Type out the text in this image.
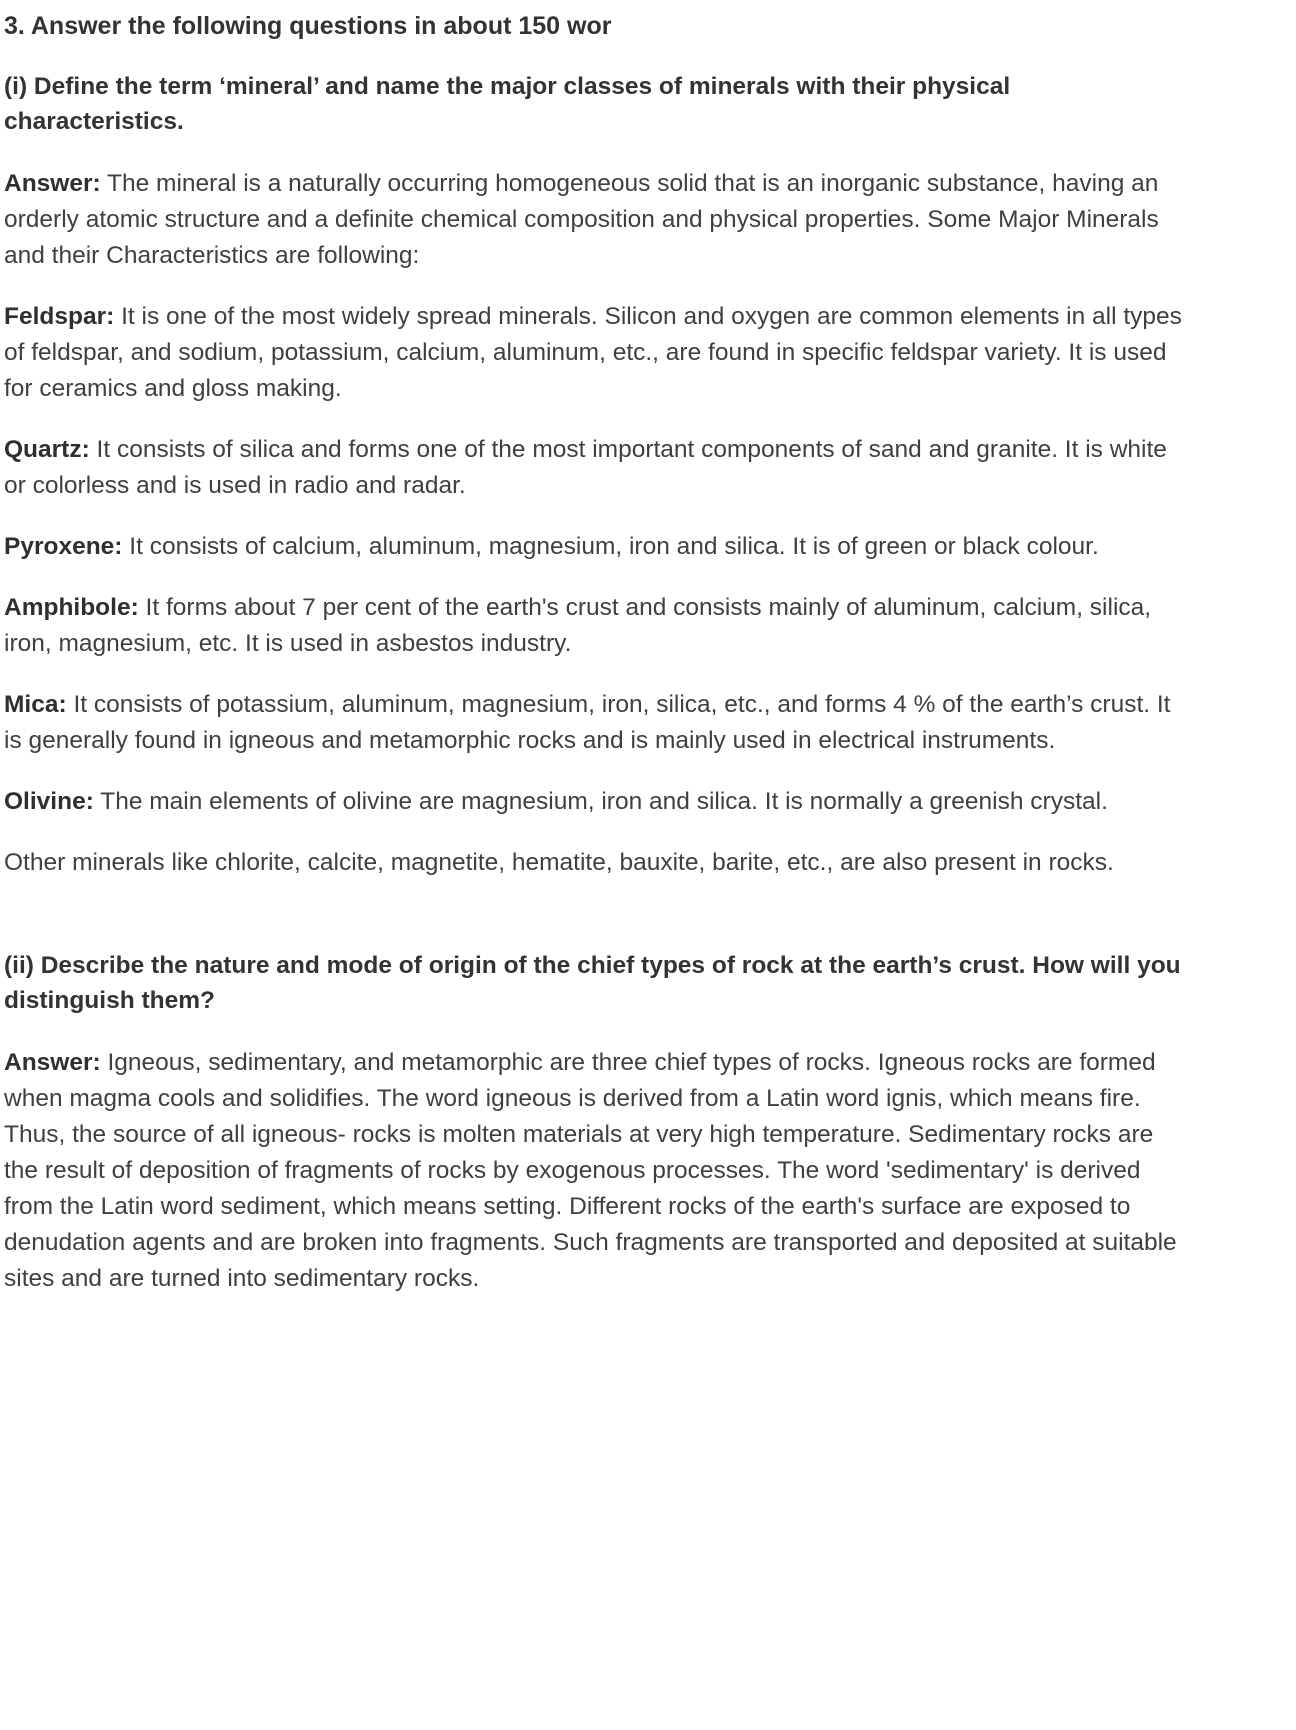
3. Answer the following questions in about 150 wor
(i) Define the term ‘mineral’ and name the major classes of minerals with their physical characteristics.

Answer: The mineral is a naturally occurring homogeneous solid that is an inorganic substance, having an orderly atomic structure and a definite chemical composition and physical properties. Some Major Minerals and their Characteristics are following:

Feldspar: It is one of the most widely spread minerals. Silicon and oxygen are common elements in all types of feldspar, and sodium, potassium, calcium, aluminum, etc., are found in specific feldspar variety. It is used for ceramics and gloss making.

Quartz: It consists of silica and forms one of the most important components of sand and granite. It is white or colorless and is used in radio and radar.

Pyroxene: It consists of calcium, aluminum, magnesium, iron and silica. It is of green or black colour.

Amphibole: It forms about 7 per cent of the earth's crust and consists mainly of aluminum, calcium, silica, iron, magnesium, etc. It is used in asbestos industry.

Mica: It consists of potassium, aluminum, magnesium, iron, silica, etc., and forms 4 % of the earth’s crust. It is generally found in igneous and metamorphic rocks and is mainly used in electrical instruments.

Olivine: The main elements of olivine are magnesium, iron and silica. It is normally a greenish crystal.

Other minerals like chlorite, calcite, magnetite, hematite, bauxite, barite, etc., are also present in rocks.

(ii) Describe the nature and mode of origin of the chief types of rock at the earth’s crust. How will you distinguish them?

Answer: Igneous, sedimentary, and metamorphic are three chief types of rocks. Igneous rocks are formed when magma cools and solidifies. The word igneous is derived from a Latin word ignis, which means fire. Thus, the source of all igneous- rocks is molten materials at very high temperature. Sedimentary rocks are the result of deposition of fragments of rocks by exogenous processes. The word 'sedimentary' is derived from the Latin word sediment, which means setting. Different rocks of the earth's surface are exposed to denudation agents and are broken into fragments. Such fragments are transported and deposited at suitable sites and are turned into sedimentary rocks.
